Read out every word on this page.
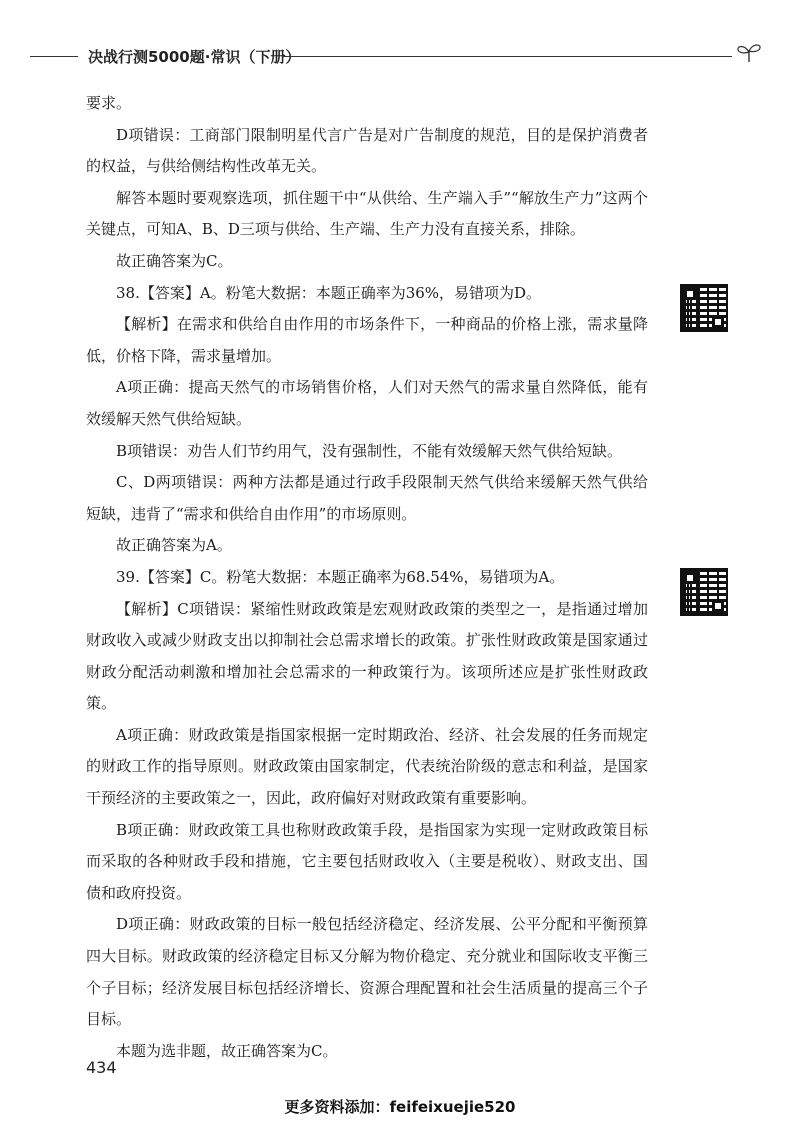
决战行测5000题·常识（下册）

要求。

D项错误：工商部门限制明星代言广告是对广告制度的规范，目的是保护消费者的权益，与供给侧结构性改革无关。

解答本题时要观察选项，抓住题干中“从供给、生产端入手”“解放生产力”这两个关键点，可知A、B、D三项与供给、生产端、生产力没有直接关系，排除。

故正确答案为C。

38.【答案】A。粉笔大数据：本题正确率为36%，易错项为D。

【解析】在需求和供给自由作用的市场条件下，一种商品的价格上涨，需求量降低，价格下降，需求量增加。

A项正确：提高天然气的市场销售价格，人们对天然气的需求量自然降低，能有效缓解天然气供给短缺。

B项错误：劝告人们节约用气，没有强制性，不能有效缓解天然气供给短缺。

C、D两项错误：两种方法都是通过行政手段限制天然气供给来缓解天然气供给短缺，违背了“需求和供给自由作用”的市场原则。

故正确答案为A。

39.【答案】C。粉笔大数据：本题正确率为68.54%，易错项为A。

【解析】C项错误：紧缩性财政政策是宏观财政政策的类型之一，是指通过增加财政收入或减少财政支出以抑制社会总需求增长的政策。扩张性财政政策是国家通过财政分配活动刺激和增加社会总需求的一种政策行为。该项所述应是扩张性财政政策。

A项正确：财政政策是指国家根据一定时期政治、经济、社会发展的任务而规定的财政工作的指导原则。财政政策由国家制定，代表统治阶级的意志和利益，是国家干预经济的主要政策之一，因此，政府偏好对财政政策有重要影响。

B项正确：财政政策工具也称财政政策手段，是指国家为实现一定财政政策目标而采取的各种财政手段和措施，它主要包括财政收入（主要是税收）、财政支出、国债和政府投资。

D项正确：财政政策的目标一般包括经济稳定、经济发展、公平分配和平衡预算四大目标。财政政策的经济稳定目标又分解为物价稳定、充分就业和国际收支平衡三个子目标；经济发展目标包括经济增长、资源合理配置和社会生活质量的提高三个子目标。

本题为选非题，故正确答案为C。

434
更多资料添加：feifeixuejie520
